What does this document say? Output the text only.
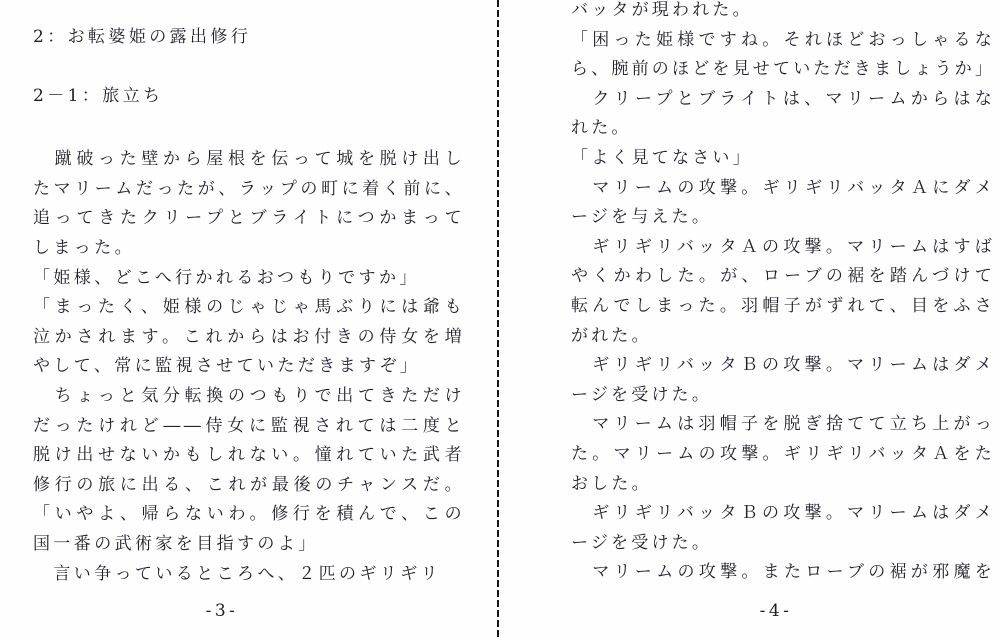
2：お転婆姫の露出修行
2－1：旅立ち
　蹴破った壁から屋根を伝って城を脱け出し
たマリームだったが、ラップの町に着く前に、
追ってきたクリープとブライトにつかまって
しまった。
「姫様、どこへ行かれるおつもりですか」
「まったく、姫様のじゃじゃ馬ぶりには爺も
泣かされます。これからはお付きの侍女を増
やして、常に監視させていただきますぞ」
　ちょっと気分転換のつもりで出てきただけ
だったけれど――侍女に監視されては二度と
脱け出せないかもしれない。憧れていた武者
修行の旅に出る、これが最後のチャンスだ。
「いやよ、帰らないわ。修行を積んで、この
国一番の武術家を目指すのよ」
　言い争っているところへ、２匹のギリギリ
バッタが現われた。
「困った姫様ですね。それほどおっしゃるな
ら、腕前のほどを見せていただきましょうか」
　クリープとブライトは、マリームからはな
れた。
「よく見てなさい」
　マリームの攻撃。ギリギリバッタＡにダメ
ージを与えた。
　ギリギリバッタＡの攻撃。マリームはすば
やくかわした。が、ローブの裾を踏んづけて
転んでしまった。羽帽子がずれて、目をふさ
がれた。
　ギリギリバッタＢの攻撃。マリームはダメ
ージを受けた。
　マリームは羽帽子を脱ぎ捨てて立ち上がっ
た。マリームの攻撃。ギリギリバッタＡをた
おした。
　ギリギリバッタＢの攻撃。マリームはダメ
ージを受けた。
　マリームの攻撃。またローブの裾が邪魔を
-3-	-4-
